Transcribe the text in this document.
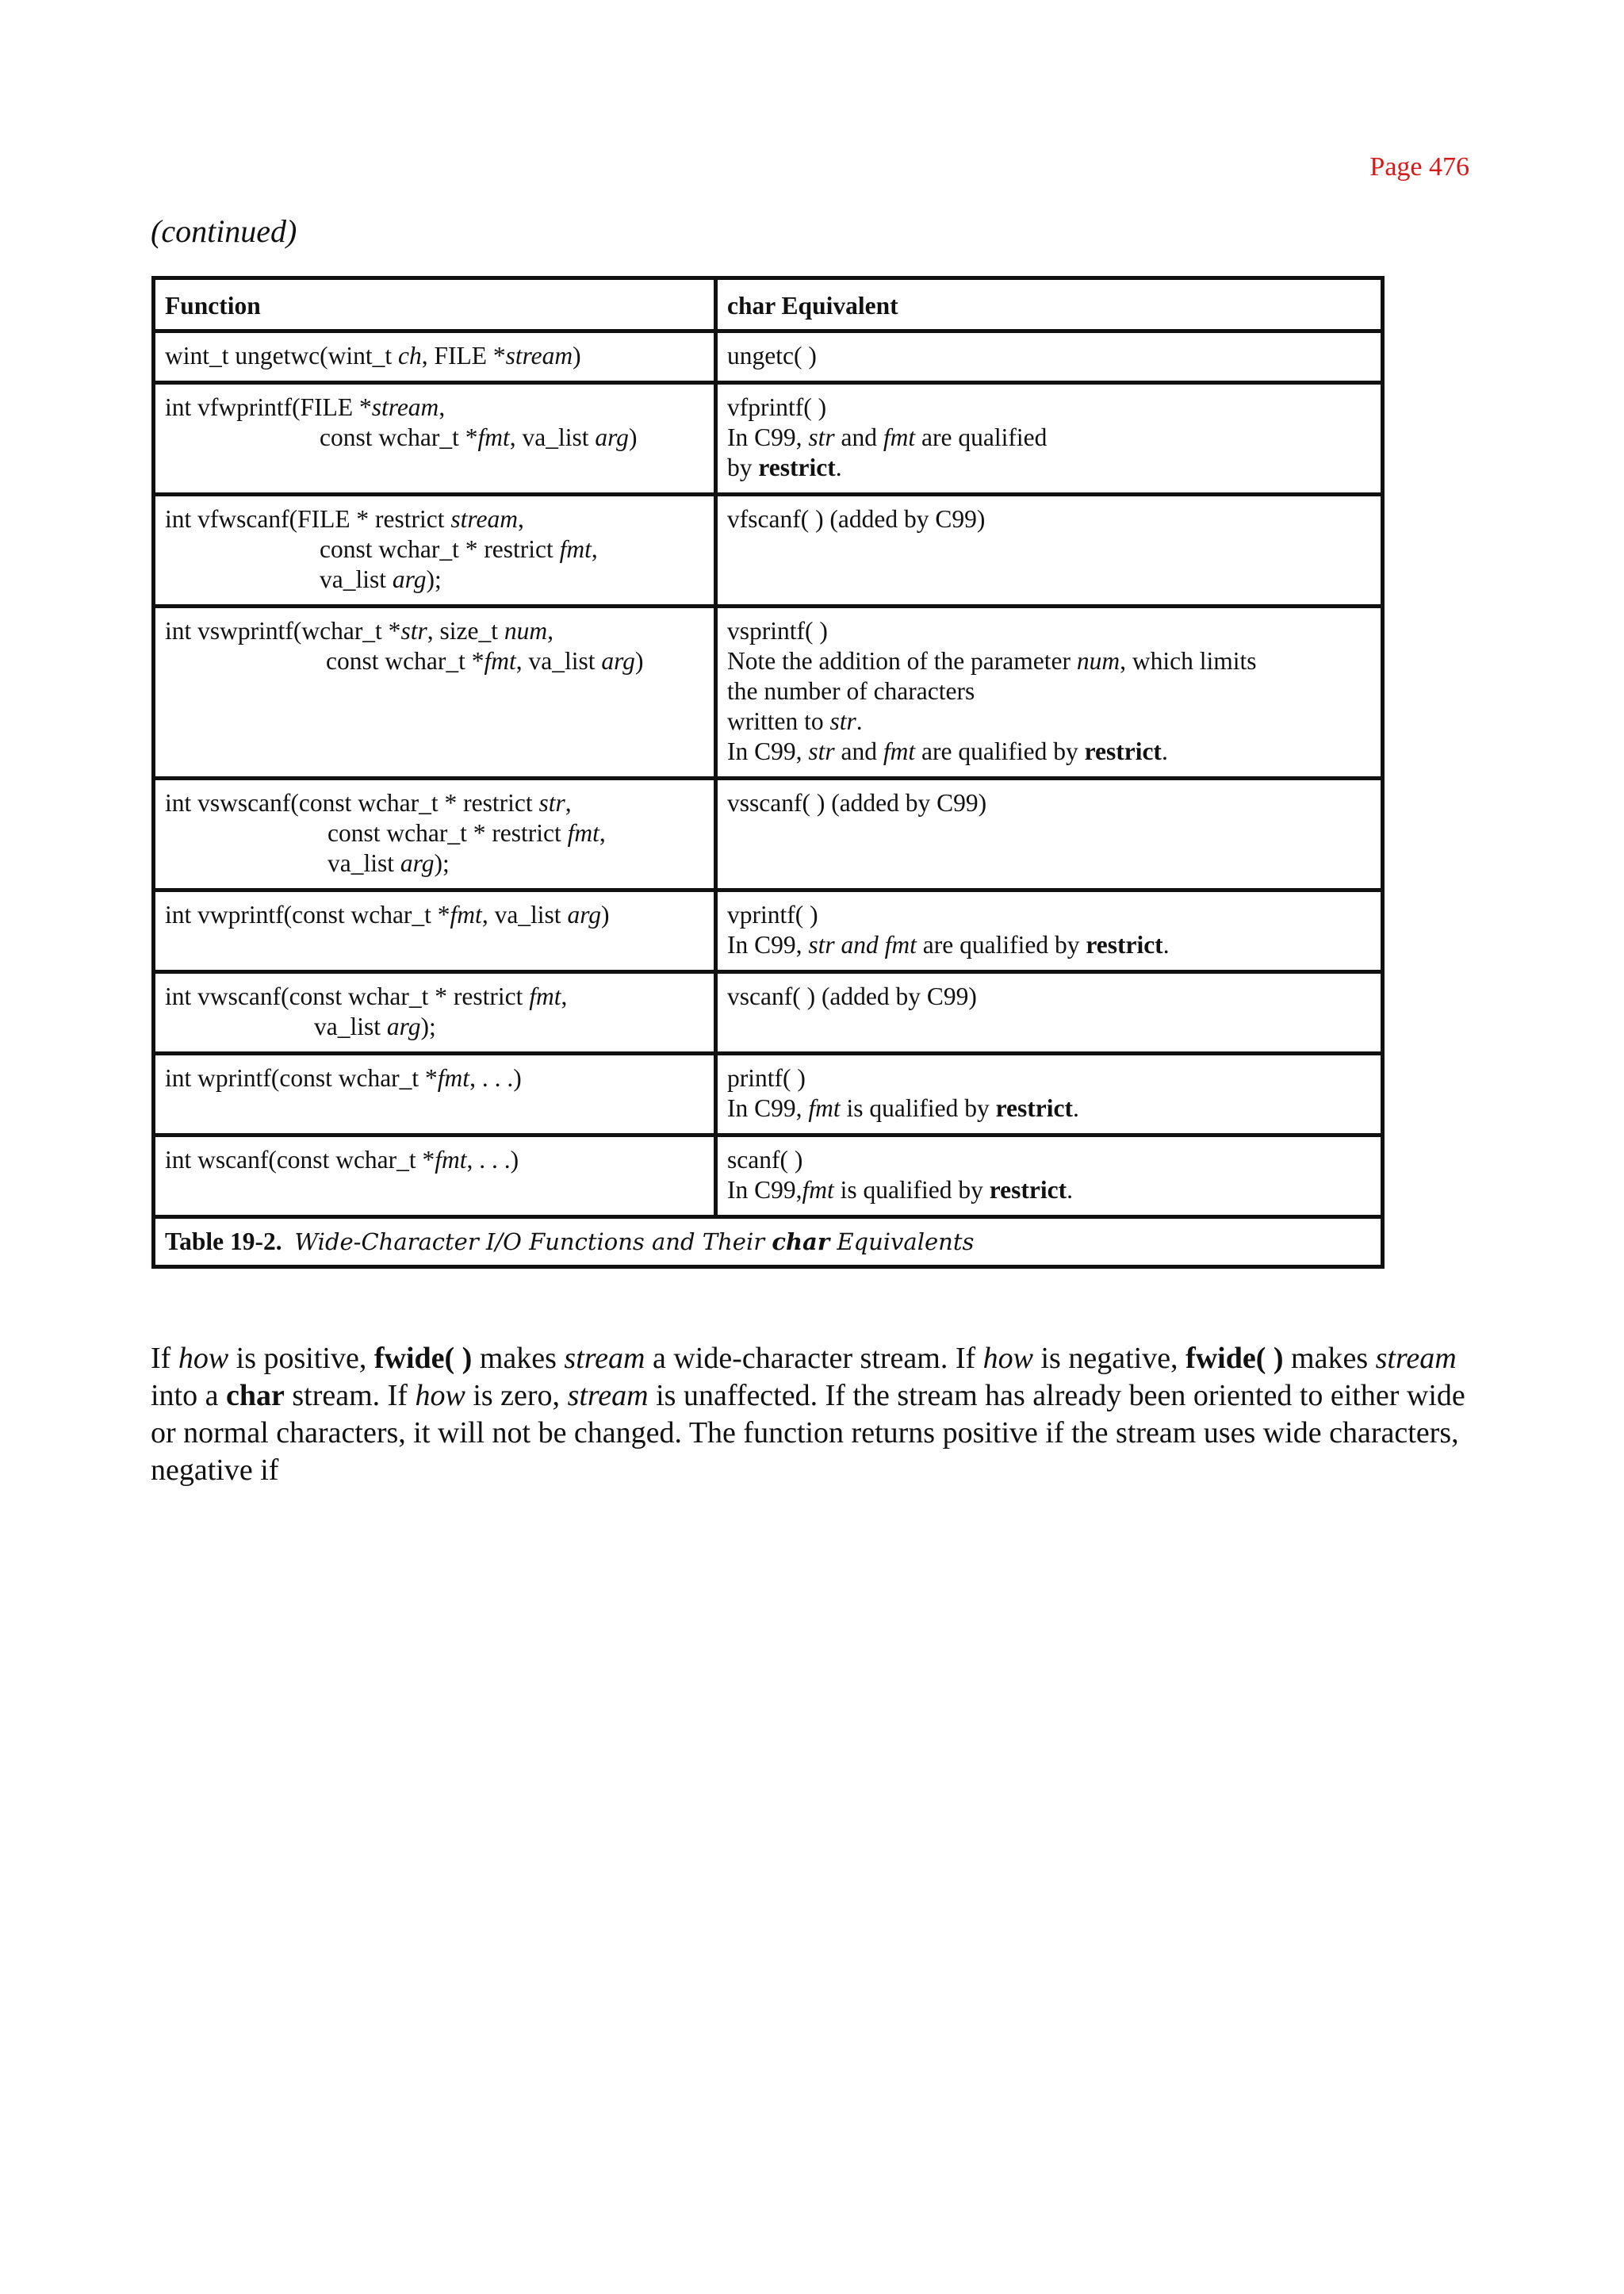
Page 476
(continued)
Function	char Equivalent

wint_t ungetwc(wint_t ch, FILE *stream)	ungetc( )

int vfwprintf(FILE *stream,
const wchar_t *fmt, va_list arg)	vfprintf( )
In C99, str and fmt are qualified
by restrict.

int vfwscanf(FILE * restrict stream,
const wchar_t * restrict fmt,
va_list arg);	vfscanf( ) (added by C99)

int vswprintf(wchar_t *str, size_t num,
const wchar_t *fmt, va_list arg)	vsprintf( )
Note the addition of the parameter num, which limits
the number of characters
written to str.
In C99, str and fmt are qualified by restrict.

int vswscanf(const wchar_t * restrict str,
const wchar_t * restrict fmt,
va_list arg);	vsscanf( ) (added by C99)

int vwprintf(const wchar_t *fmt, va_list arg)	vprintf( )
In C99, str and fmt are qualified by restrict.

int vwscanf(const wchar_t * restrict fmt,
va_list arg);	vscanf( ) (added by C99)

int wprintf(const wchar_t *fmt, . . .)	printf( )
In C99, fmt is qualified by restrict.

int wscanf(const wchar_t *fmt, . . .)	scanf( )
In C99,fmt is qualified by restrict.

Table 19-2. Wide-Character I/O Functions and Their char Equivalents	

If how is positive, fwide( ) makes stream a wide-character stream. If how is negative, fwide( ) makes stream into a char stream. If how is zero, stream is unaffected. If the stream has already been oriented to either wide or normal characters, it will not be changed. The function returns positive if the stream uses wide characters, negative if
